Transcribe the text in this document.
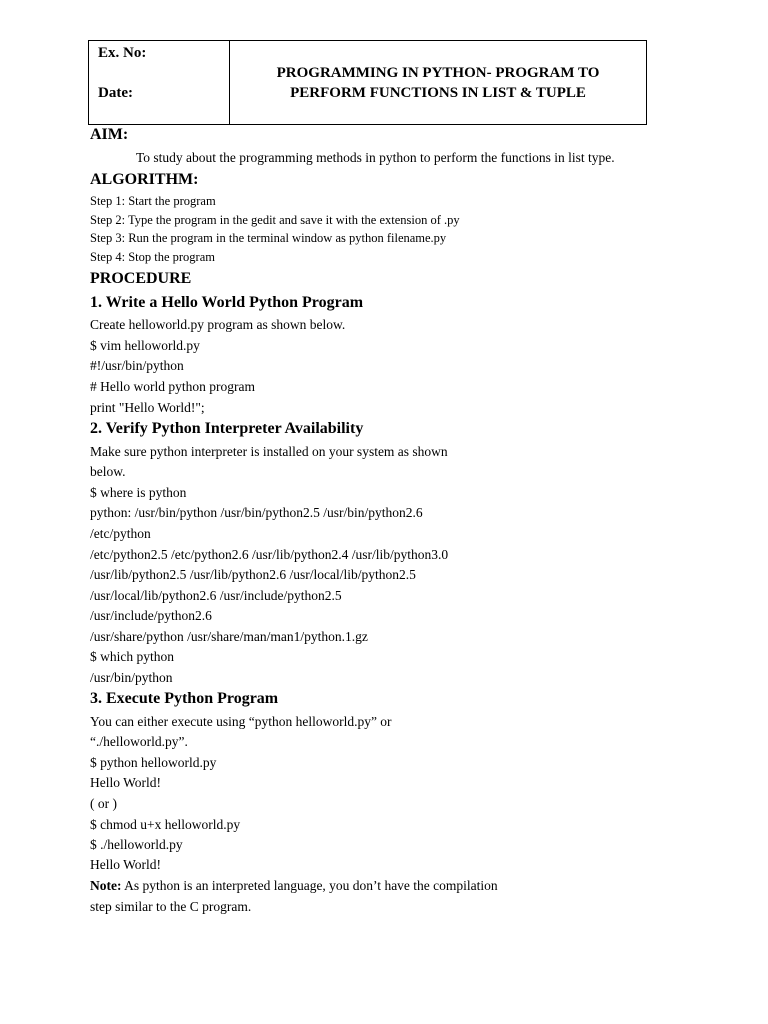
Ex. No:
Date:
PROGRAMMING IN PYTHON- PROGRAM TO
PERFORM FUNCTIONS IN LIST & TUPLE
AIM:
To study about the programming methods in python to perform the functions in list type.
ALGORITHM:
Step 1: Start the program
Step 2: Type the program in the gedit and save it with the extension of .py
Step 3: Run the program in the terminal window as python filename.py
Step 4: Stop the program
PROCEDURE
1. Write a Hello World Python Program
Create helloworld.py program as shown below.
$ vim helloworld.py
#!/usr/bin/python
# Hello world python program
print "Hello World!";
2. Verify Python Interpreter Availability
Make sure python interpreter is installed on your system as shown
below.
$ where is python
python: /usr/bin/python /usr/bin/python2.5 /usr/bin/python2.6
/etc/python
/etc/python2.5 /etc/python2.6 /usr/lib/python2.4 /usr/lib/python3.0
/usr/lib/python2.5 /usr/lib/python2.6 /usr/local/lib/python2.5
/usr/local/lib/python2.6 /usr/include/python2.5
/usr/include/python2.6
/usr/share/python /usr/share/man/man1/python.1.gz
$ which python
/usr/bin/python
3. Execute Python Program
You can either execute using “python helloworld.py” or
“./helloworld.py”.
$ python helloworld.py
Hello World!
( or )
$ chmod u+x helloworld.py
$ ./helloworld.py
Hello World!
Note: As python is an interpreted language, you don’t have the compilation
step similar to the C program.
